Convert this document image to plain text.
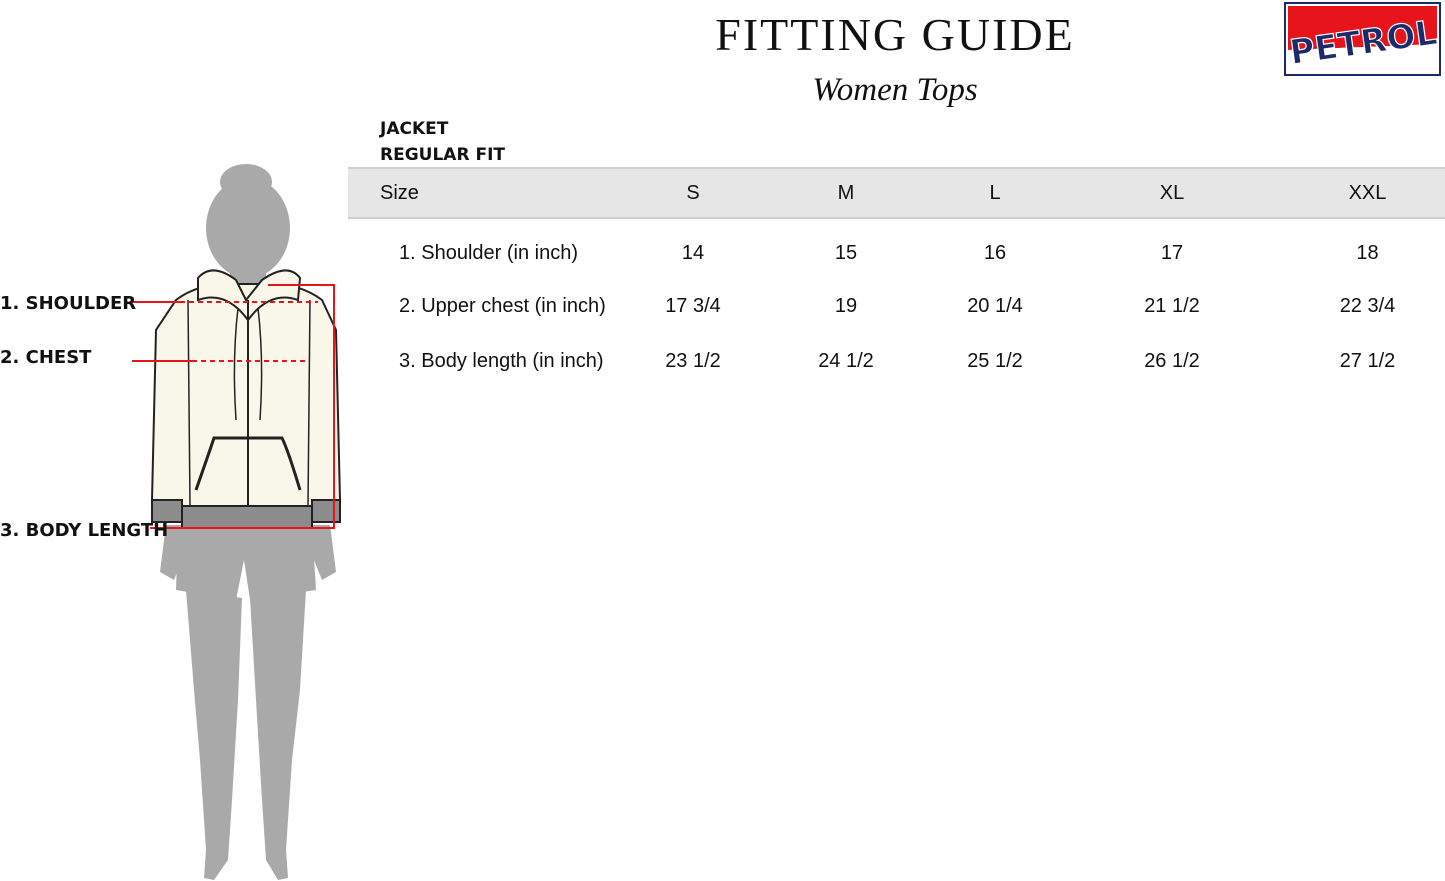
FITTING GUIDE
Women Tops
PETROL
JACKET
REGULAR FIT
Size	S	M	L	XL	XXL
1. Shoulder (in inch)	14	15	16	17	18
2. Upper chest (in inch)	17 3/4	19	20 1/4	21 1/2	22 3/4
3. Body length (in inch)	23 1/2	24 1/2	25 1/2	26 1/2	27 1/2
1. SHOULDER
2. CHEST
3. BODY LENGTH
